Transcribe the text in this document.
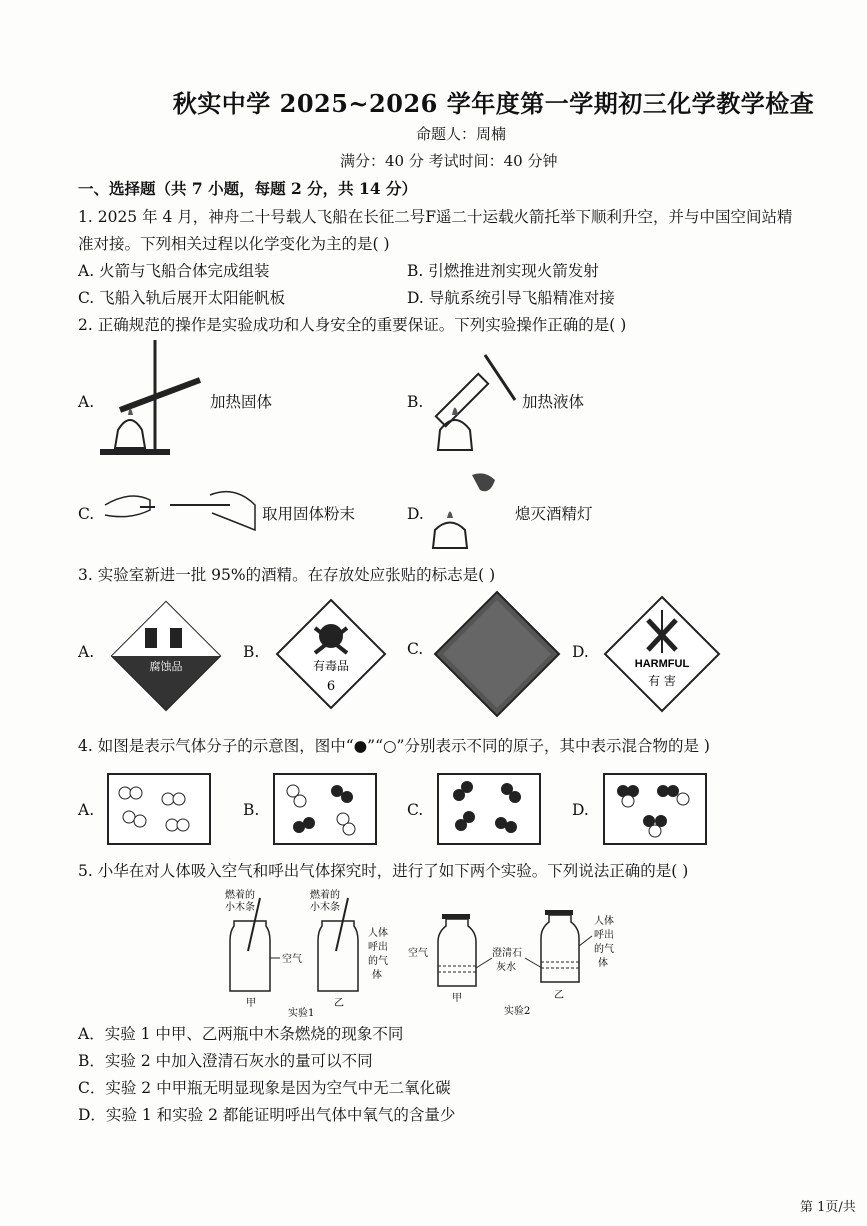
秋实中学 2025~2026 学年度第一学期初三化学教学检查
命题人：周楠
满分：40 分 考试时间：40 分钟
一、选择题（共 7 小题，每题 2 分，共 14 分）
1. 2025 年 4 月，神舟二十号载人飞船在长征二号F遥二十运载火箭托举下顺利升空，并与中国空间站精
准对接。下列相关过程以化学变化为主的是( )
A. 火箭与飞船合体完成组装	B. 引燃推进剂实现火箭发射
C. 飞船入轨后展开太阳能帆板	D. 导航系统引导飞船精准对接
2. 正确规范的操作是实验成功和人身安全的重要保证。下列实验操作正确的是( )
A.	加热固体	B.	加热液体
C.	取用固体粉末	D.	熄灭酒精灯
3. 实验室新进一批 95%的酒精。在存放处应张贴的标志是( )
A.
腐蚀品
B.
有毒品
6
C.	D.
HARMFUL
有 害
4. 如图是表示气体分子的示意图，图中“●”“○”分别表示不同的原子，其中表示混合物的是 )
A.	B.	C.	D.
5. 小华在对人体吸入空气和呼出气体探究时，进行了如下两个实验。下列说法正确的是( )
燃着的
小木条
空气
甲
燃着的
小木条
人体
呼出
的气
体
乙
实验1
空气
甲
澄清石
灰水
人体
呼出
的气
体
乙
实验2
A．实验 1 中甲、乙两瓶中木条燃烧的现象不同
B．实验 2 中加入澄清石灰水的量可以不同
C．实验 2 中甲瓶无明显现象是因为空气中无二氧化碳
D．实验 1 和实验 2 都能证明呼出气体中氧气的含量少
第 1页/共
